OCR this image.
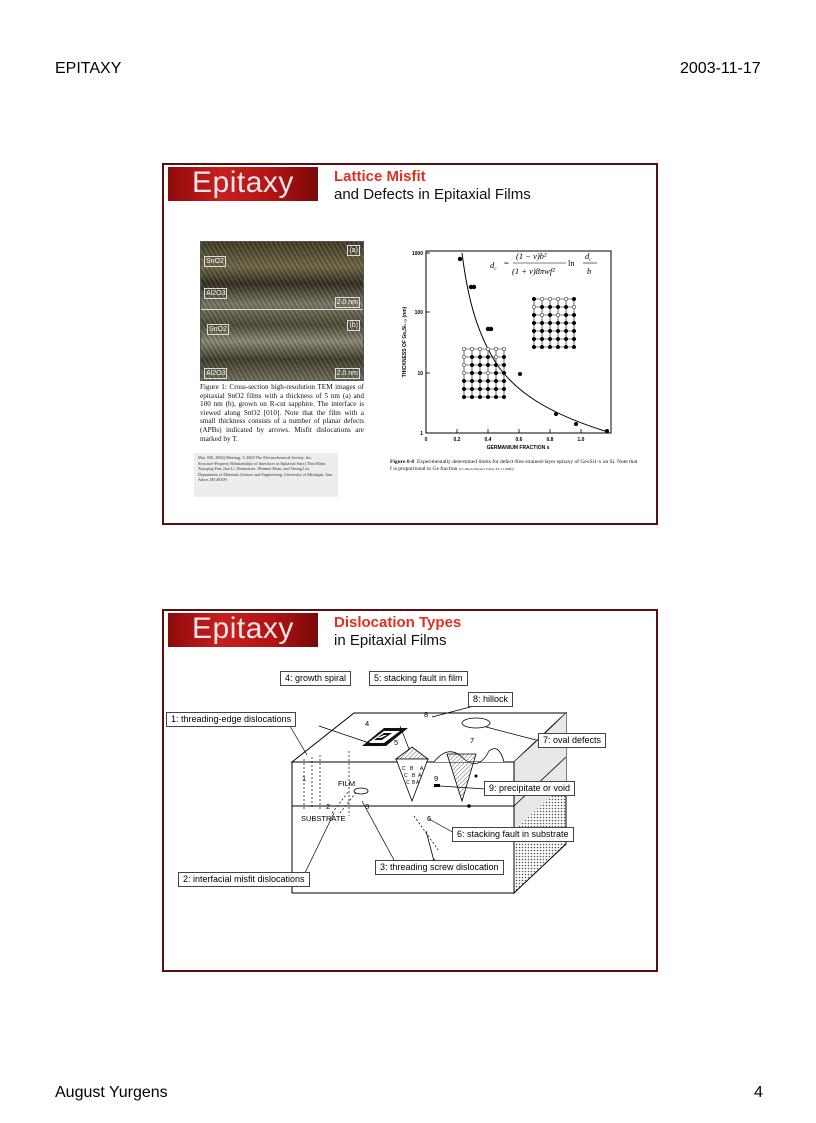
EPITAXY	2003-11-17
Epitaxy	Lattice Misfit
and Defects in Epitaxial Films
(a)
SnO2
Al2O3
2.0 nm
SnO2
(b)
Al2O3	2.0 nm
Figure 1: Cross-section high-resolution TEM images of epitaxial SnO2 films with a thickness of 5 nm (a) and 100 nm (b), grown on R-cut sapphire. The interface is viewed along SnO2 [010]. Note that the film with a small thickness consists of a number of planar defects (APBs) indicated by arrows. Misfit dislocations are marked by T.
Mat. 030, 2004) Meeting, © 2003 The Electrochemical Society, Inc.
Structure-Property Relationships of Interfaces in Epitaxial Sn(x) Thin Films
Xiaoqing Pan, Jian Li, Dormstreet, Wenmei Khan, and Yining Liu
Department of Materials Science and Engineering, University of Michigan, Ann Arbor, MI 48109
1000
100
10
1
0	0.2	0.4	0.6	0.8	1.0
GERMANIUM FRACTION x
THICKNESS OF GeₓSi₁₋ₓ (nm)
$d_c$
=
(1 − v)b²
(1 + v)8πwf²
ln
$d_c$
b
Figure 8-8 Experimentally determined limits for defect-free strained-layer epitaxy of GexSi1-x on Si. Note that f is proportional to Ge fraction (J.C.Bean, Physics Today 39, 5 (1986))
Epitaxy	Dislocation Types
in Epitaxial Films
FILM
SUBSTRATE
1
2	3
4
5
6
7
8
9
C B A
C B A
C B A
4: growth spiral	5: stacking fault in film
8: hillock
1: threading-edge dislocations
7: oval defects
9: precipitate or void
6: stacking fault in substrate
3: threading screw dislocation
2: interfacial misfit dislocations
August Yurgens	4
